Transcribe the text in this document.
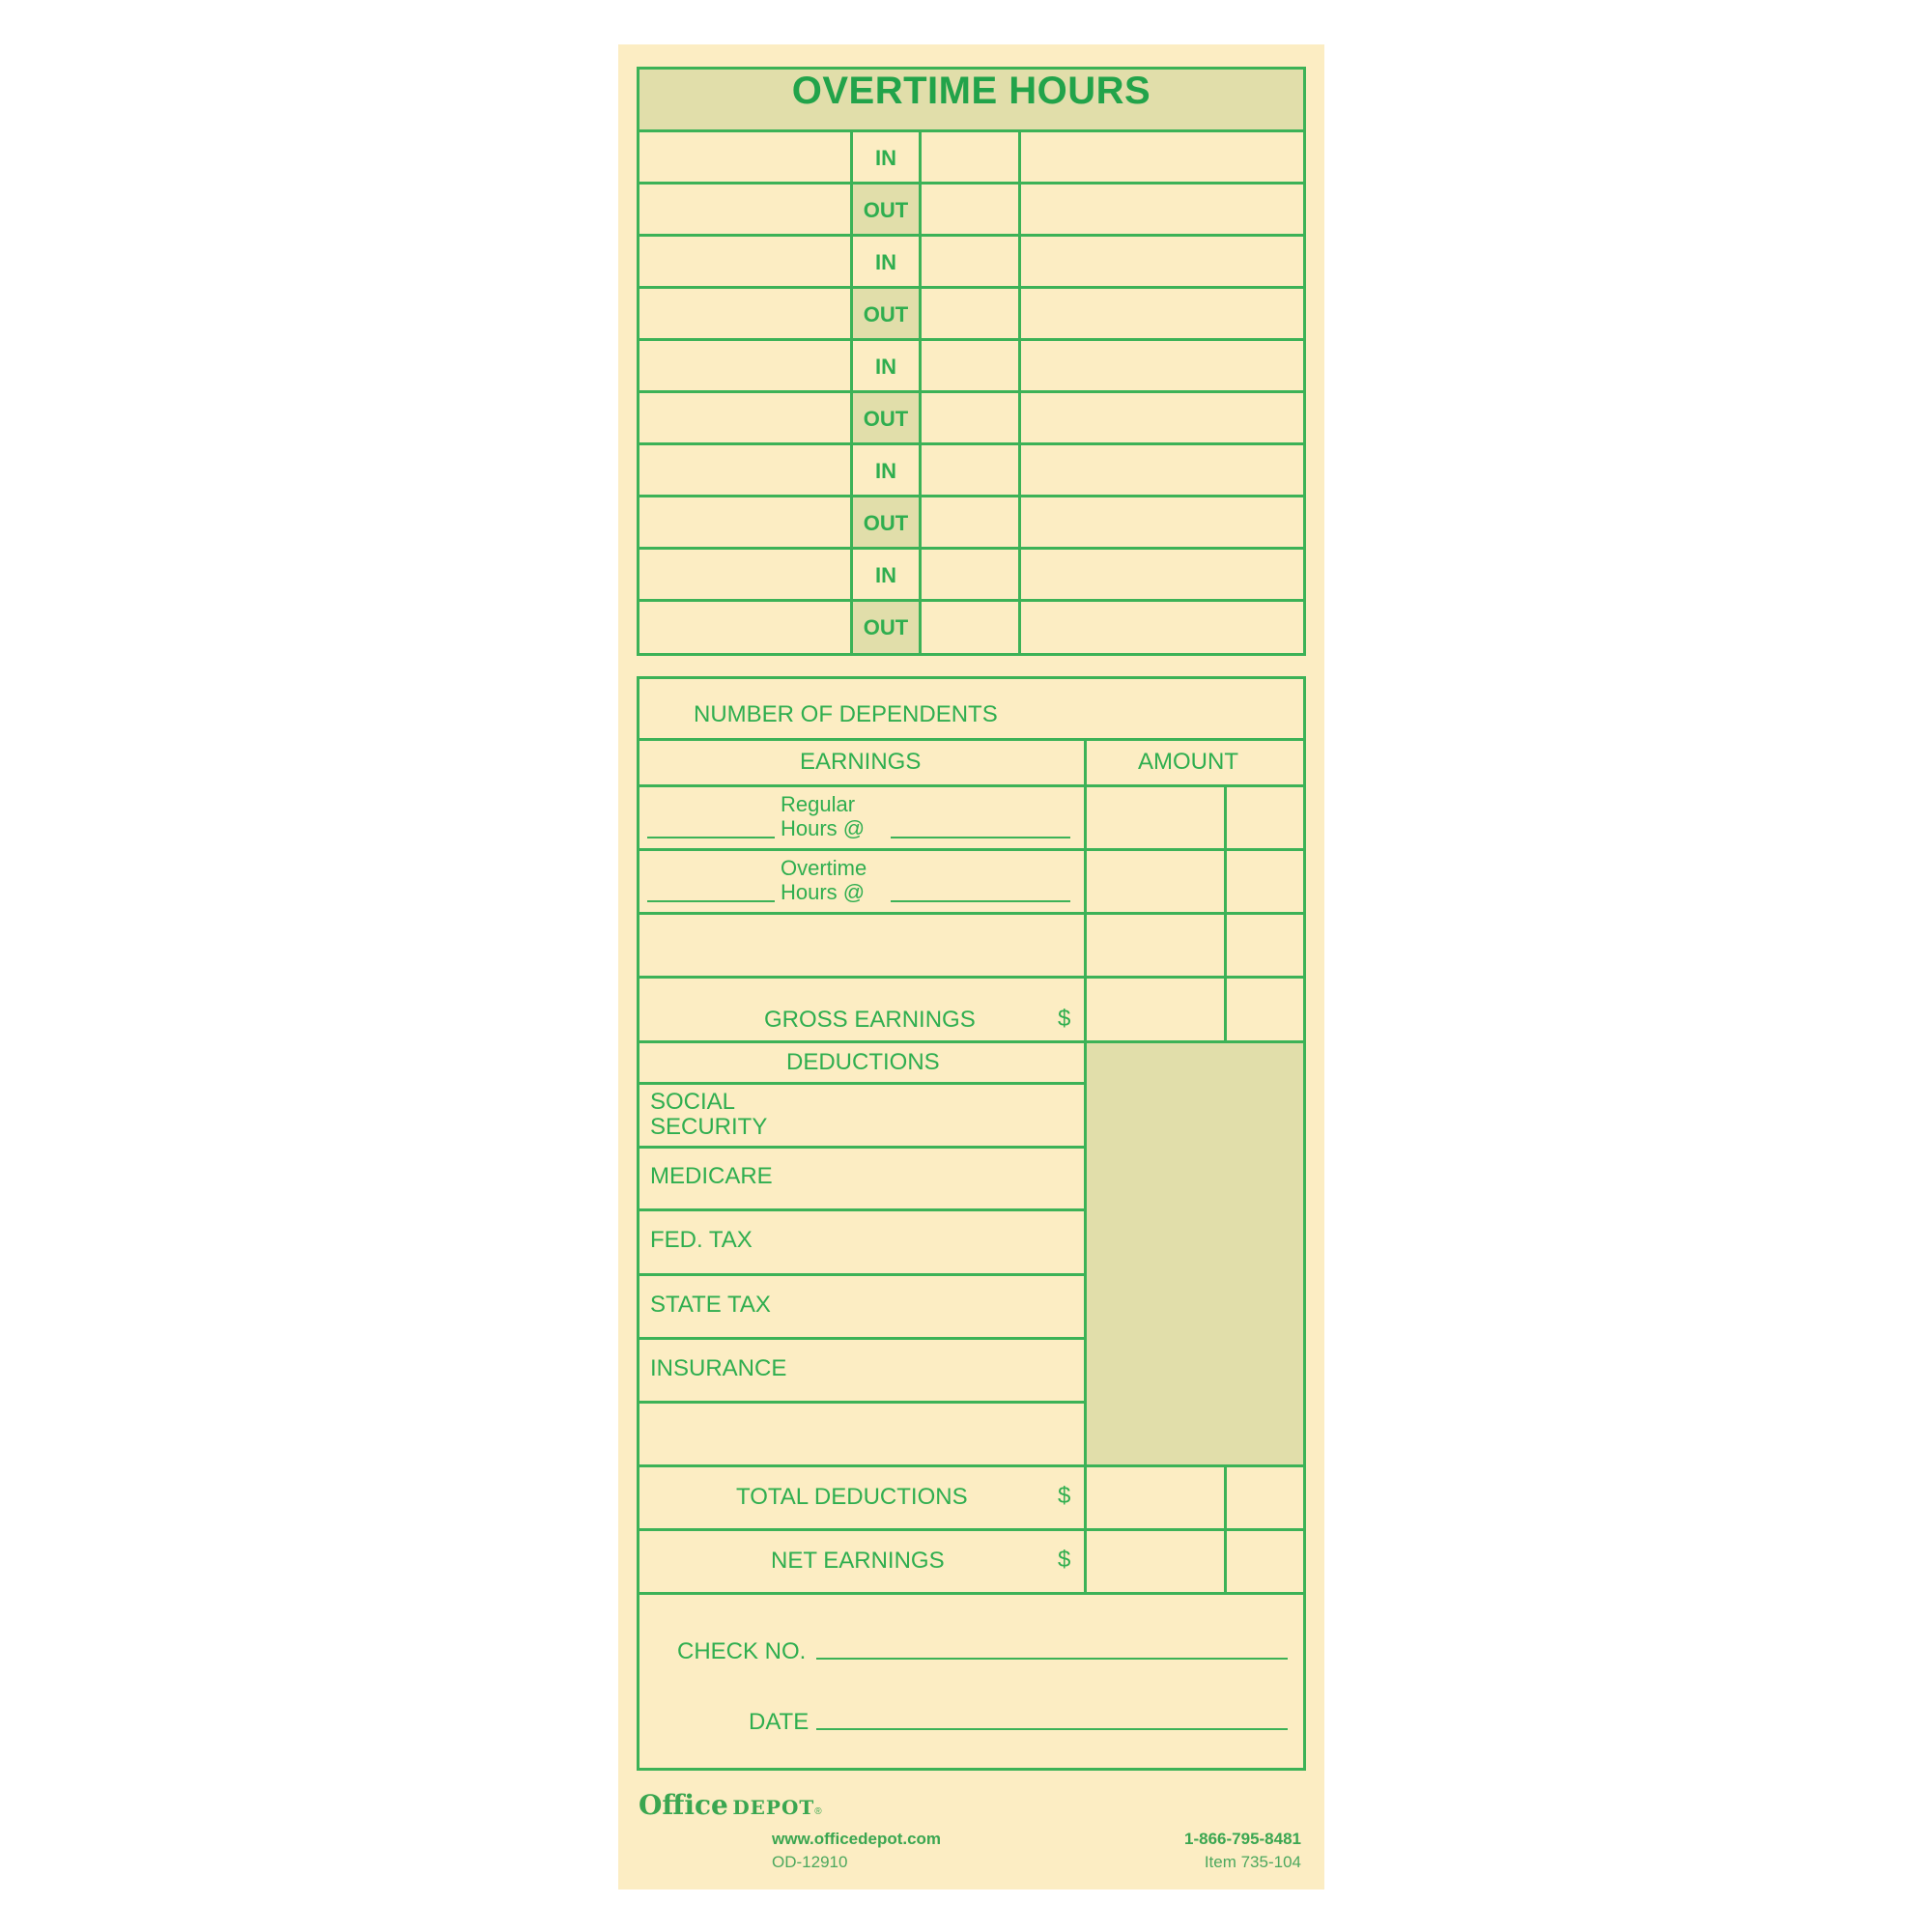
OVERTIME HOURS
IN
OUT
IN
OUT
IN
OUT
IN
OUT
IN
OUT
NUMBER OF DEPENDENTS
EARNINGS	AMOUNT
Regular
Hours @
Overtime
Hours @
GROSS EARNINGS	$
DEDUCTIONS
SOCIAL
SECURITY
MEDICARE
FED. TAX
STATE TAX
INSURANCE
TOTAL DEDUCTIONS	$
NET EARNINGS	$
CHECK NO.
DATE
Office DEPOT®
www.officedepot.com
OD-12910
1-866-795-8481
Item 735-104
